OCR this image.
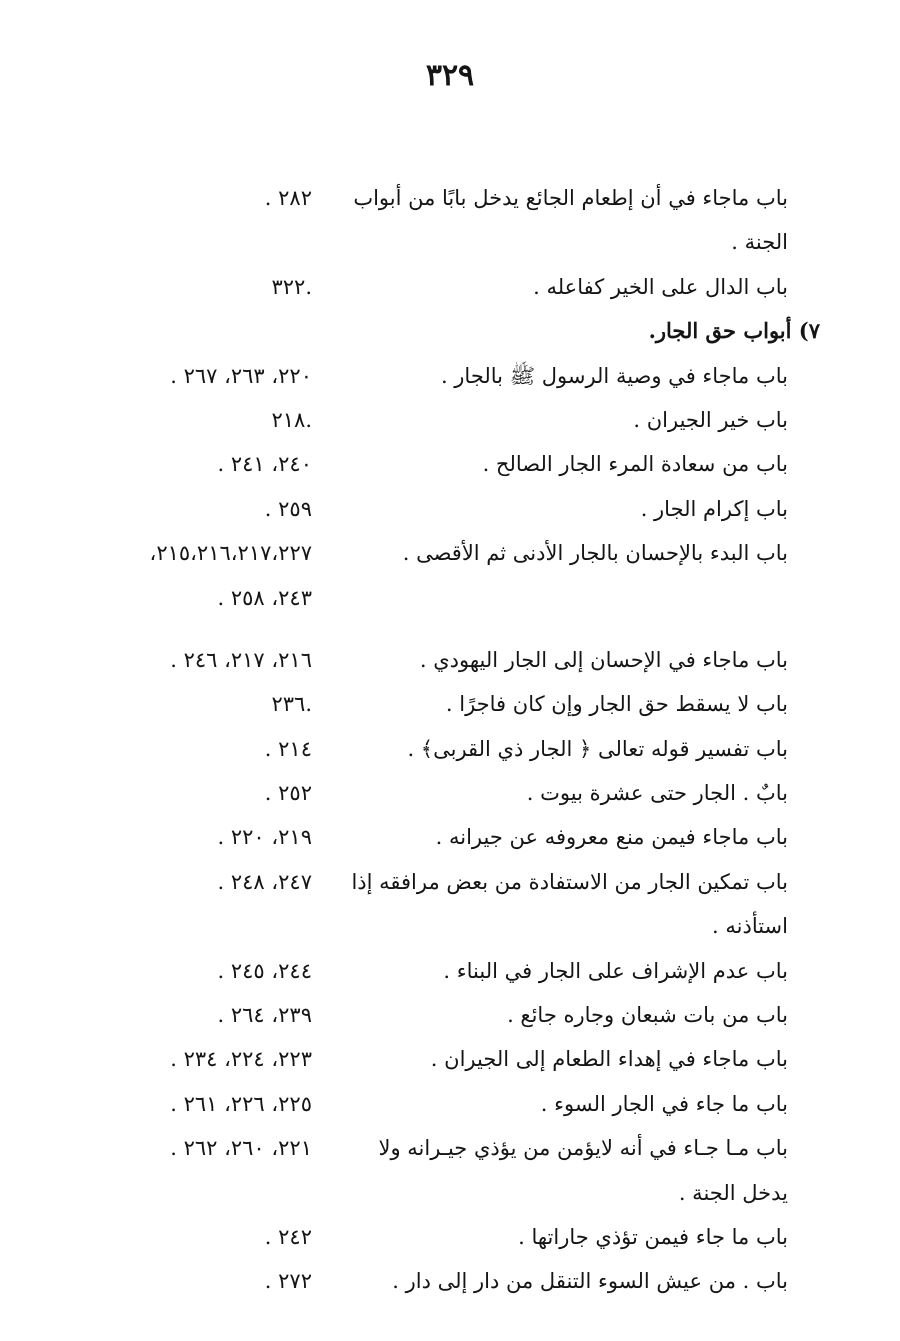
٣٢٩
باب ماجاء في أن إطعام الجائع يدخل بابًا من أبواب
٢٨٢ .
الجنة .
باب الدال على الخير كفاعله .
.٣٢٢
٧) أبواب حق الجار.
باب ماجاء في وصية الرسول ﷺ بالجار .
٢٢٠، ٢٦٣، ٢٦٧ .
باب خير الجيران .
.٢١٨
باب من سعادة المرء الجار الصالح .
٢٤٠، ٢٤١ .
باب إكرام الجار .
٢٥٩ .
باب البدء بالإحسان بالجار الأدنى ثم الأقصى .
٢١٥،٢١٦،٢١٧،٢٢٧،
٢٤٣، ٢٥٨ .
باب ماجاء في الإحسان إلى الجار اليهودي .
٢١٦، ٢١٧، ٢٤٦ .
باب لا يسقط حق الجار وإن كان فاجرًا .
.٢٣٦
باب تفسير قوله تعالى ﴿ الجار ذي القربى﴾ .
٢١٤ .
بابٌ . الجار حتى عشرة بيوت .
٢٥٢ .
باب ماجاء فيمن منع معروفه عن جيرانه .
٢١٩، ٢٢٠ .
باب تمكين الجار من الاستفادة من بعض مرافقه إذا
٢٤٧، ٢٤٨ .
استأذنه .
باب عدم الإشراف على الجار في البناء .
٢٤٤، ٢٤٥ .
باب من بات شبعان وجاره جائع .
٢٣٩، ٢٦٤ .
باب ماجاء في إهداء الطعام إلى الجيران .
٢٢٣، ٢٢٤، ٢٣٤ .
باب ما جاء في الجار السوء .
٢٢٥، ٢٢٦، ٢٦١ .
باب مـا جـاء في أنه لايؤمن من يؤذي جيـرانه ولا
٢٢١، ٢٦٠، ٢٦٢ .
يدخل الجنة .
باب ما جاء فيمن تؤذي جاراتها .
٢٤٢ .
باب . من عيش السوء التنقل من دار إلى دار .
٢٧٢ .
